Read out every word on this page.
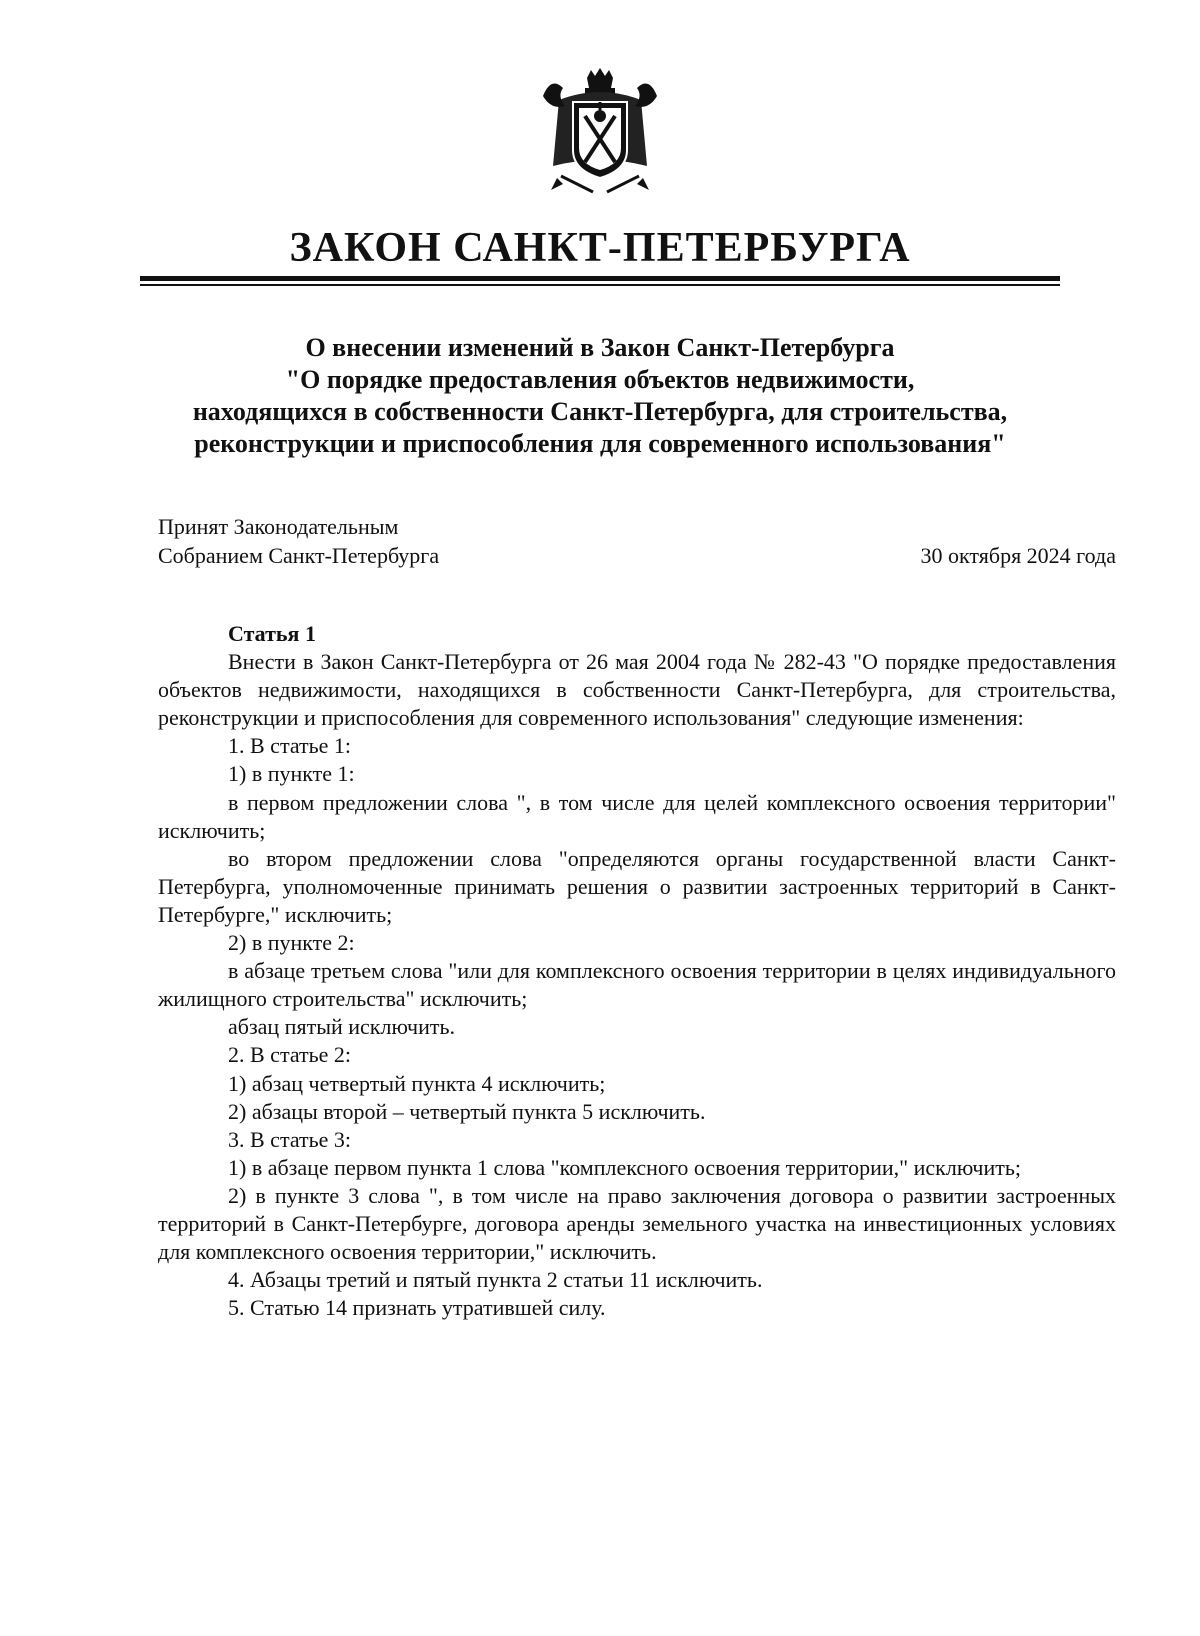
ЗАКОН САНКТ-ПЕТЕРБУРГА
О внесении изменений в Закон Санкт-Петербурга
"О порядке предоставления объектов недвижимости,
находящихся в собственности Санкт-Петербурга, для строительства,
реконструкции и приспособления для современного использования"
Принят Законодательным
Собранием Санкт-Петербурга	30 октября 2024 года
Статья 1

Внести в Закон Санкт-Петербурга от 26 мая 2004 года № 282-43 "О порядке предоставления объектов недвижимости, находящихся в собственности Санкт-Петербурга, для строительства, реконструкции и приспособления для современного использования" следующие изменения:

1. В статье 1:

1) в пункте 1:

в первом предложении слова ", в том числе для целей комплексного освоения территории" исключить;

во втором предложении слова "определяются органы государственной власти Санкт-Петербурга, уполномоченные принимать решения о развитии застроенных территорий в Санкт-Петербурге," исключить;

2) в пункте 2:

в абзаце третьем слова "или для комплексного освоения территории в целях индивидуального жилищного строительства" исключить;

абзац пятый исключить.

2. В статье 2:

1) абзац четвертый пункта 4 исключить;

2) абзацы второй – четвертый пункта 5 исключить.

3. В статье 3:

1) в абзаце первом пункта 1 слова "комплексного освоения территории," исключить;

2) в пункте 3 слова ", в том числе на право заключения договора о развитии застроенных территорий в Санкт-Петербурге, договора аренды земельного участка на инвестиционных условиях для комплексного освоения территории," исключить.

4. Абзацы третий и пятый пункта 2 статьи 11 исключить.

5. Статью 14 признать утратившей силу.
